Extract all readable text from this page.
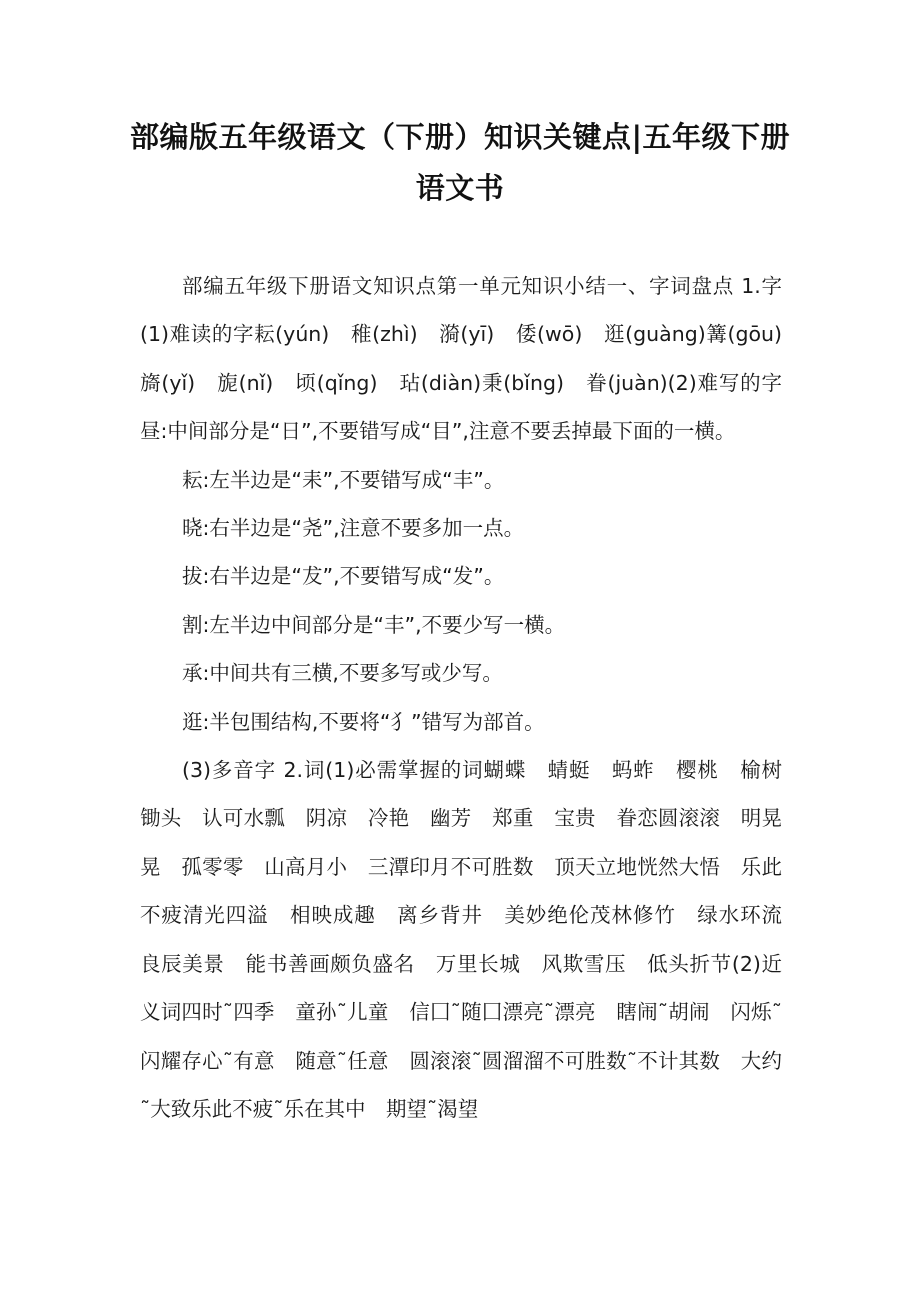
部编版五年级语文（下册）知识关键点|五年级下册语文书

部编五年级下册语文知识点第一单元知识小结一、字词盘点 1.字(1)难读的字耘(yún)　稚(zhì)　漪(yī)　倭(wō)　逛(guàng)篝(gōu)旖(yǐ)　旎(nǐ)　顷(qǐng)　玷(diàn)秉(bǐng)　眷(juàn)(2)难写的字昼:中间部分是“日”,不要错写成“目”,注意不要丢掉最下面的一横。

耘:左半边是“耒”,不要错写成“丰”。

晓:右半边是“尧”,注意不要多加一点。

拔:右半边是“犮”,不要错写成“发”。

割:左半边中间部分是“丰”,不要少写一横。

承:中间共有三横,不要多写或少写。

逛:半包围结构,不要将“犭”错写为部首。

(3)多音字 2.词(1)必需掌握的词蝴蝶　蜻蜓　蚂蚱　樱桃　榆树　锄头　认可水瓢　阴凉　冷艳　幽芳　郑重　宝贵　眷恋圆滚滚　明晃晃　孤零零　山高月小　三潭印月不可胜数　顶天立地恍然大悟　乐此不疲清光四溢　相映成趣　离乡背井　美妙绝伦茂林修竹　绿水环流　良辰美景　能书善画颇负盛名　万里长城　风欺雪压　低头折节(2)近义词四时˜四季　童孙˜儿童　信囗˜随囗漂亮˜漂亮　瞎闹˜胡闹　闪烁˜闪耀存心˜有意　随意˜任意　圆滚滚˜圆溜溜不可胜数˜不计其数　大约˜大致乐此不疲˜乐在其中　期望˜渴望
